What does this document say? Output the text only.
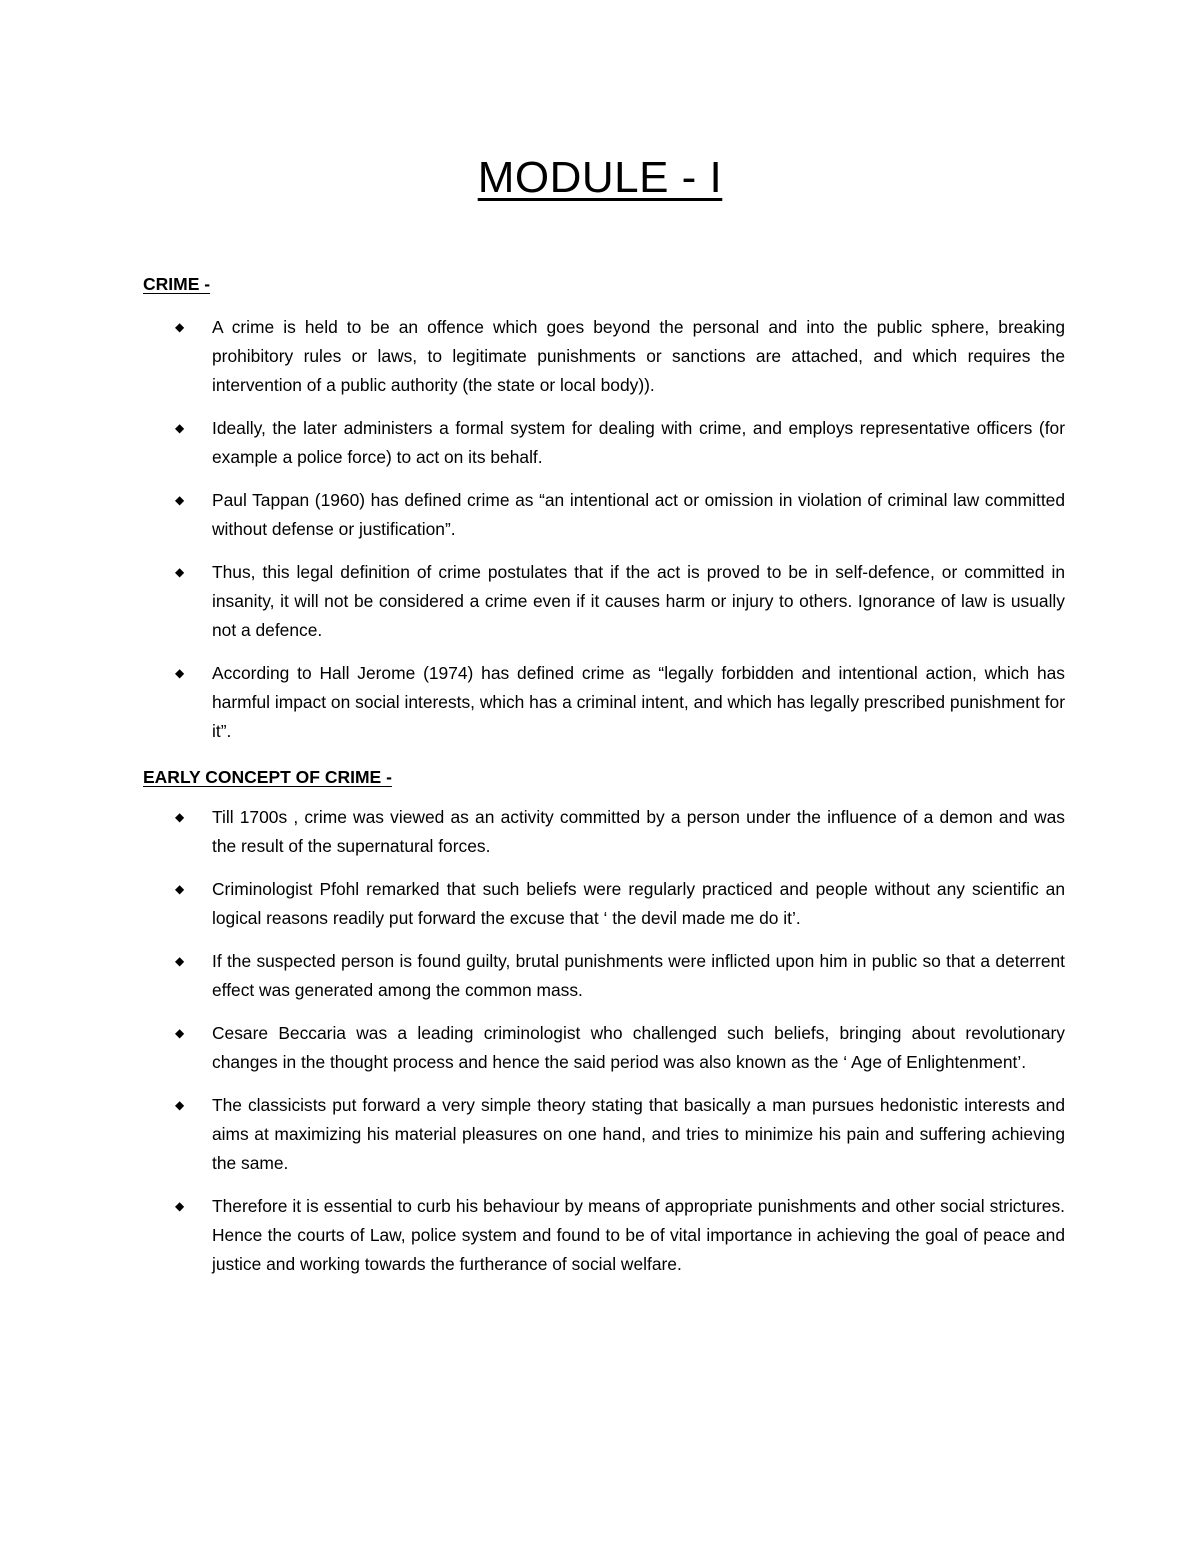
MODULE - I
CRIME -
◆ A crime is held to be an offence which goes beyond the personal and into the public sphere, breaking prohibitory rules or laws, to legitimate punishments or sanctions are attached, and which requires the intervention of a public authority (the state or local body)).
◆ Ideally, the later administers a formal system for dealing with crime, and employs representative officers (for example a police force) to act on its behalf.
◆ Paul Tappan (1960) has defined crime as “an intentional act or omission in violation of criminal law committed without defense or justification”.
◆ Thus, this legal definition of crime postulates that if the act is proved to be in self-defence, or committed in insanity, it will not be considered a crime even if it causes harm or injury to others. Ignorance of law is usually not a defence.
◆ According to Hall Jerome (1974) has defined crime as “legally forbidden and intentional action, which has harmful impact on social interests, which has a criminal intent, and which has legally prescribed punishment for it”.
EARLY CONCEPT OF CRIME -
◆ Till 1700s , crime was viewed as an activity committed by a person under the influence of a demon and was the result of the supernatural forces.
◆ Criminologist Pfohl remarked that such beliefs were regularly practiced and people without any scientific an logical reasons readily put forward the excuse that ‘ the devil made me do it’.
◆ If the suspected person is found guilty, brutal punishments were inflicted upon him in public so that a deterrent effect was generated among the common mass.
◆ Cesare Beccaria was a leading criminologist who challenged such beliefs, bringing about revolutionary changes in the thought process and hence the said period was also known as the ‘ Age of Enlightenment’.
◆ The classicists put forward a very simple theory stating that basically a man pursues hedonistic interests and aims at maximizing his material pleasures on one hand, and tries to minimize his pain and suffering achieving the same.
◆ Therefore it is essential to curb his behaviour by means of appropriate punishments and other social strictures. Hence the courts of Law, police system and found to be of vital importance in achieving the goal of peace and justice and working towards the furtherance of social welfare.
